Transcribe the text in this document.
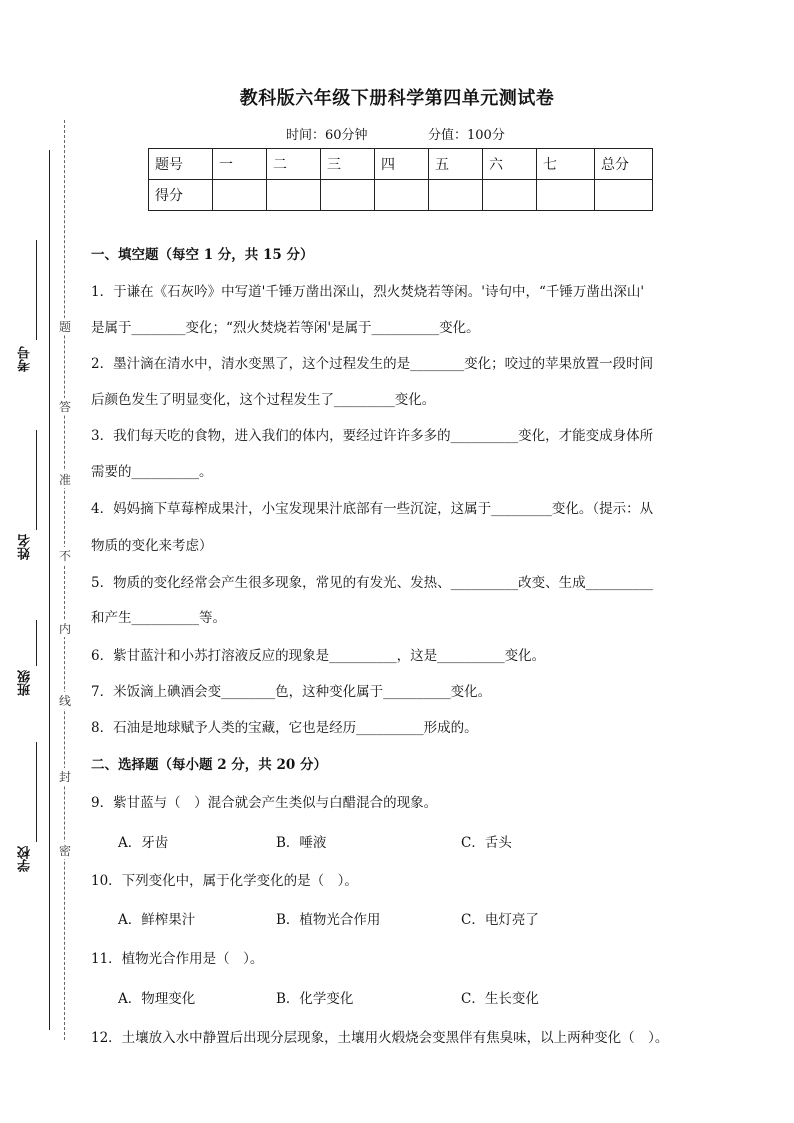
教科版六年级下册科学第四单元测试卷
时间：60分钟	分值：100分
题号	一	二	三	四	五	六	七	总分
得分								
考号
姓名
班级
学校
题
答
准
不
内
线
封
密
一、填空题（每空 1 分，共 15 分）
1．于谦在《石灰吟》中写道'千锤万凿出深山，烈火焚烧若等闲。'诗句中，“千锤万凿出深山'
是属于________变化；“烈火焚烧若等闲'是属于__________变化。
2．墨汁滴在清水中，清水变黑了，这个过程发生的是________变化；咬过的苹果放置一段时间
后颜色发生了明显变化，这个过程发生了_________变化。
3．我们每天吃的食物，进入我们的体内，要经过许许多多的__________变化，才能变成身体所
需要的__________。
4．妈妈摘下草莓榨成果汁，小宝发现果汁底部有一些沉淀，这属于_________变化。（提示：从
物质的变化来考虑）
5．物质的变化经常会产生很多现象，常见的有发光、发热、__________改变、生成__________
和产生__________等。
6．紫甘蓝汁和小苏打溶液反应的现象是__________，这是__________变化。
7．米饭滴上碘酒会变________色，这种变化属于__________变化。
8．石油是地球赋予人类的宝藏，它也是经历__________形成的。
二、选择题（每小题 2 分，共 20 分）
9．紫甘蓝与（　）混合就会产生类似与白醋混合的现象。
A．牙齿	B．唾液	C．舌头
10．下列变化中，属于化学变化的是（　）。
A．鲜榨果汁	B．植物光合作用	C．电灯亮了
11．植物光合作用是（　）。
A．物理变化	B．化学变化	C．生长变化
12．土壤放入水中静置后出现分层现象，土壤用火煅烧会变黑伴有焦臭味，以上两种变化（　）。
